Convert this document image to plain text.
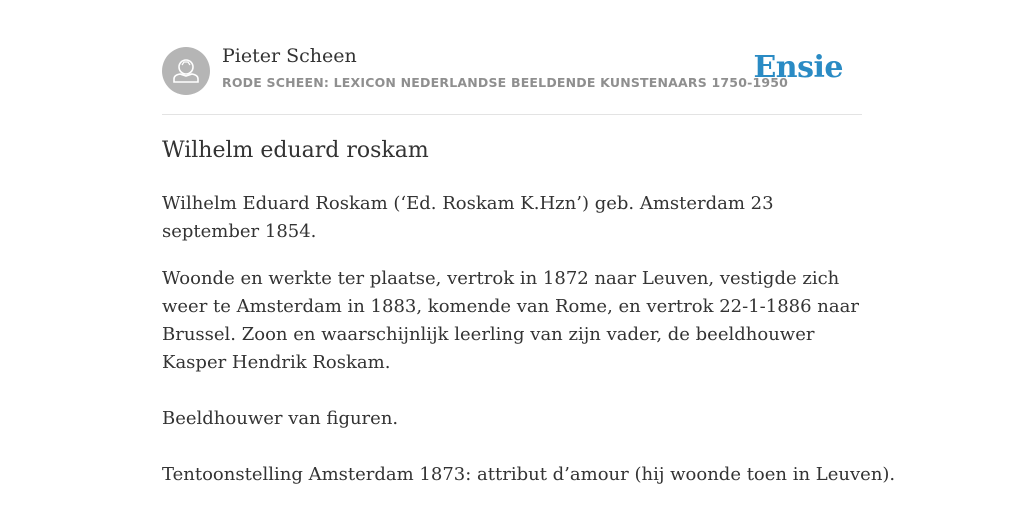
Pieter Scheen
RODE SCHEEN: LEXICON NEDERLANDSE BEELDENDE KUNSTENAARS 1750-1950
Ensie
Wilhelm eduard roskam

Wilhelm Eduard Roskam (‘Ed. Roskam K.Hzn’) geb. Amsterdam 23 september 1854.

Woonde en werkte ter plaatse, vertrok in 1872 naar Leuven, vestigde zich weer te Amsterdam in 1883, komende van Rome, en vertrok 22-1-1886 naar Brussel. Zoon en waarschijnlijk leerling van zijn vader, de beeldhouwer Kasper Hendrik Roskam.

Beeldhouwer van figuren.

Tentoonstelling Amsterdam 1873: attribut d’amour (hij woonde toen in Leuven).
